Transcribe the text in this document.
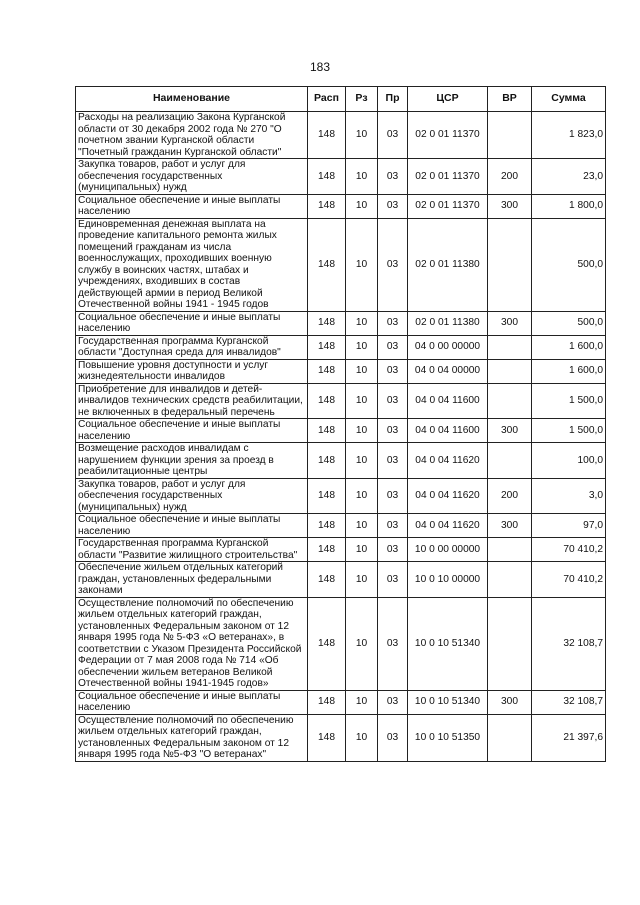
183
Наименование	Расп	Рз	Пр	ЦСР	ВР	Сумма
Расходы на реализацию Закона Курганской области от 30 декабря 2002 года № 270 "О почетном звании Курганской области "Почетный гражданин Курганской области"	148	10	03	02 0 01 11370		1 823,0
Закупка товаров, работ и услуг для обеспечения государственных (муниципальных) нужд	148	10	03	02 0 01 11370	200	23,0
Социальное обеспечение и иные выплаты населению	148	10	03	02 0 01 11370	300	1 800,0
Единовременная денежная выплата на проведение капитального ремонта жилых помещений гражданам из числа военнослужащих, проходивших военную службу в воинских частях, штабах и учреждениях, входивших в состав действующей армии в период Великой Отечественной войны 1941 - 1945 годов	148	10	03	02 0 01 11380		500,0
Социальное обеспечение и иные выплаты населению	148	10	03	02 0 01 11380	300	500,0
Государственная программа Курганской области "Доступная среда для инвалидов"	148	10	03	04 0 00 00000		1 600,0
Повышение уровня доступности и услуг жизнедеятельности инвалидов	148	10	03	04 0 04 00000		1 600,0
Приобретение для инвалидов и детей-инвалидов технических средств реабилитации, не включенных в федеральный перечень	148	10	03	04 0 04 11600		1 500,0
Социальное обеспечение и иные выплаты населению	148	10	03	04 0 04 11600	300	1 500,0
Возмещение расходов инвалидам с нарушением функции зрения за проезд в реабилитационные центры	148	10	03	04 0 04 11620		100,0
Закупка товаров, работ и услуг для обеспечения государственных (муниципальных) нужд	148	10	03	04 0 04 11620	200	3,0
Социальное обеспечение и иные выплаты населению	148	10	03	04 0 04 11620	300	97,0
Государственная программа Курганской области "Развитие жилищного строительства"	148	10	03	10 0 00 00000		70 410,2
Обеспечение жильем отдельных категорий граждан, установленных федеральными законами	148	10	03	10 0 10 00000		70 410,2
Осуществление полномочий по обеспечению жильем отдельных категорий граждан, установленных Федеральным законом от 12 января 1995 года № 5-ФЗ «О ветеранах», в соответствии с Указом Президента Российской Федерации от 7 мая 2008 года № 714 «Об обеспечении жильем ветеранов Великой Отечественной войны 1941-1945 годов»	148	10	03	10 0 10 51340		32 108,7
Социальное обеспечение и иные выплаты населению	148	10	03	10 0 10 51340	300	32 108,7
Осуществление полномочий по обеспечению жильем отдельных категорий граждан, установленных Федеральным законом от 12 января 1995 года №5-ФЗ "О ветеранах"	148	10	03	10 0 10 51350		21 397,6
